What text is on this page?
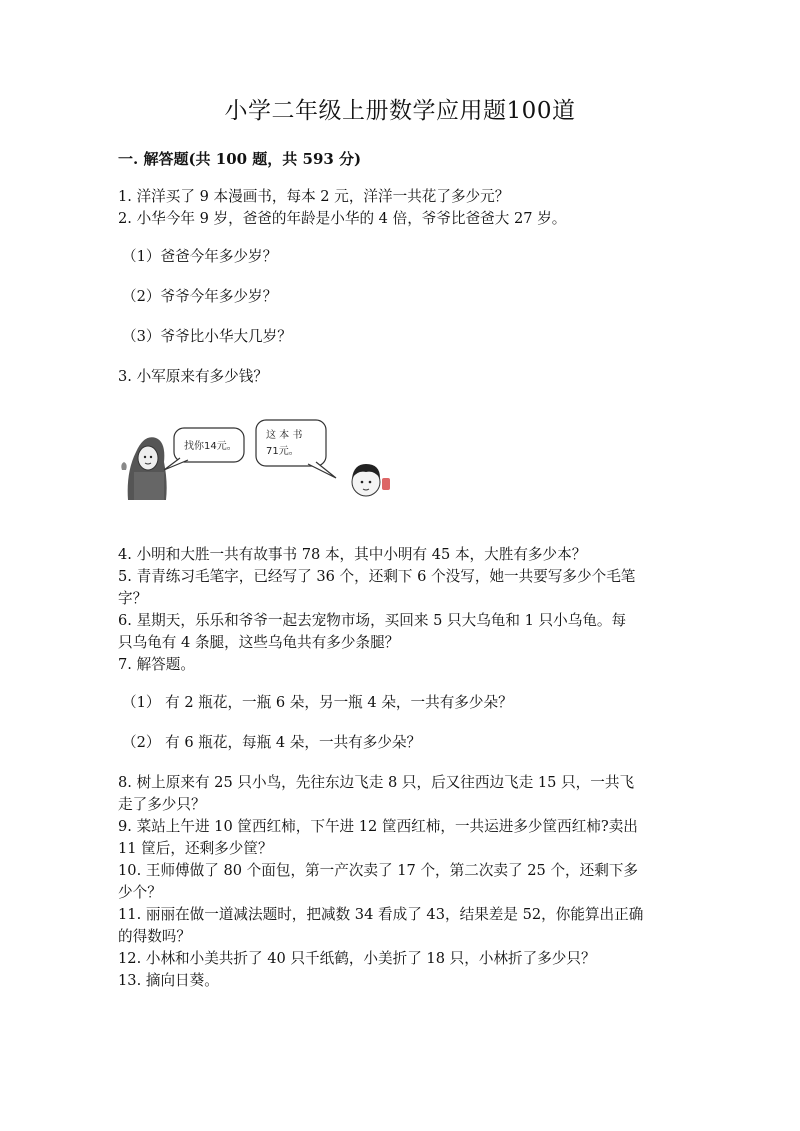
小学二年级上册数学应用题100道
一. 解答题(共 100 题，共 593 分)
1. 洋洋买了 9 本漫画书，每本 2 元，洋洋一共花了多少元？
2. 小华今年 9 岁，爸爸的年龄是小华的 4 倍，爷爷比爸爸大 27 岁。
（1）爸爸今年多少岁？
（2）爷爷今年多少岁？
（3）爷爷比小华大几岁？
3. 小军原来有多少钱？
找你14元。
这 本 书
71元。
4. 小明和大胜一共有故事书 78 本，其中小明有 45 本，大胜有多少本？
5. 青青练习毛笔字，已经写了 36 个，还剩下 6 个没写，她一共要写多少个毛笔
字？
6. 星期天，乐乐和爷爷一起去宠物市场，买回来 5 只大乌龟和 1 只小乌龟。每
只乌龟有 4 条腿，这些乌龟共有多少条腿？
7. 解答题。
（1） 有 2 瓶花，一瓶 6 朵，另一瓶 4 朵，一共有多少朵？
（2） 有 6 瓶花，每瓶 4 朵，一共有多少朵？
8. 树上原来有 25 只小鸟，先往东边飞走 8 只，后又往西边飞走 15 只，一共飞
走了多少只？
9. 菜站上午进 10 筐西红柿，下午进 12 筐西红柿，一共运进多少筐西红柿?卖出
11 筐后，还剩多少筐？
10. 王师傅做了 80 个面包，第一产次卖了 17 个，第二次卖了 25 个，还剩下多
少个？
11. 丽丽在做一道减法题时，把减数 34 看成了 43，结果差是 52，你能算出正确
的得数吗？
12. 小林和小美共折了 40 只千纸鹤，小美折了 18 只，小林折了多少只？
13. 摘向日葵。
